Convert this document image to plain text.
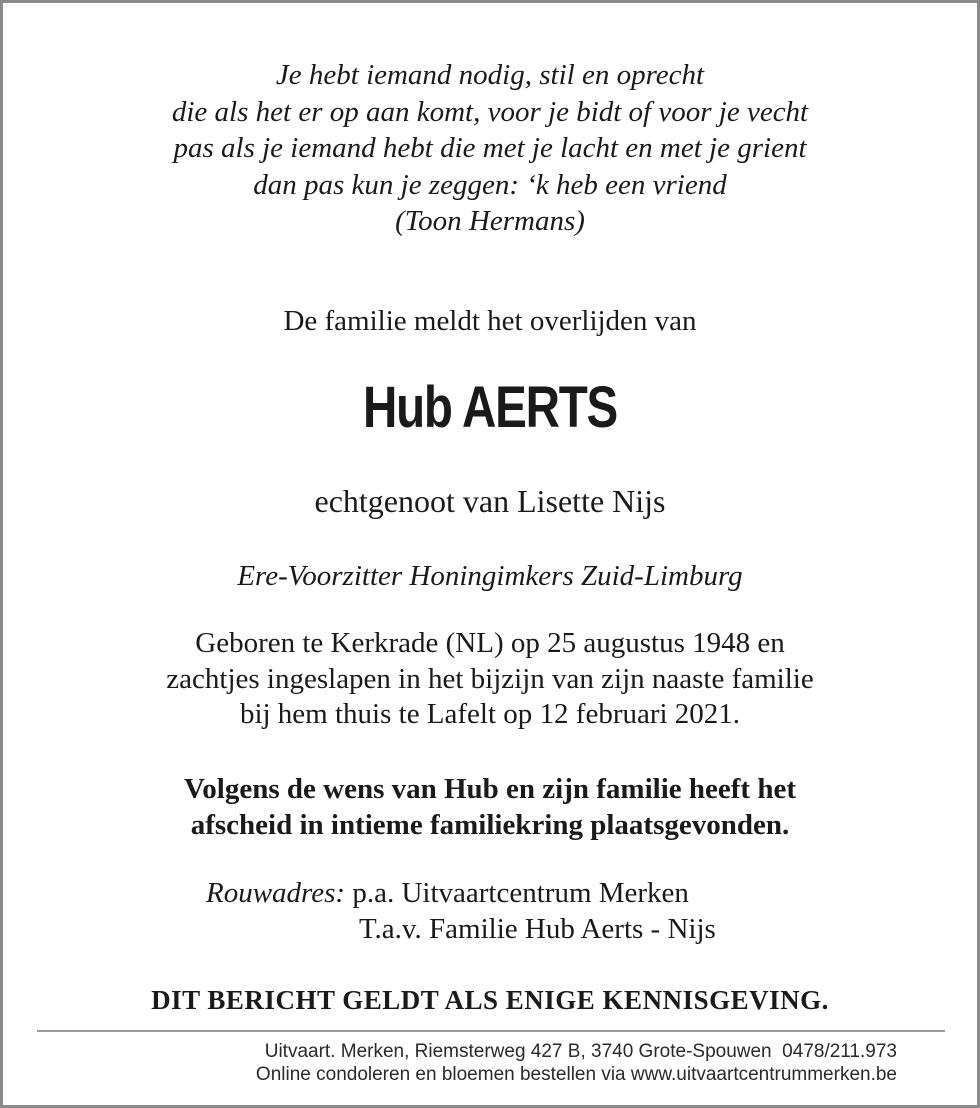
Je hebt iemand nodig, stil en oprecht
die als het er op aan komt, voor je bidt of voor je vecht
pas als je iemand hebt die met je lacht en met je grient
dan pas kun je zeggen: ‘k heb een vriend
(Toon Hermans)
De familie meldt het overlijden van
Hub AERTS
echtgenoot van Lisette Nijs
Ere-Voorzitter Honingimkers Zuid-Limburg
Geboren te Kerkrade (NL) op 25 augustus 1948 en
zachtjes ingeslapen in het bijzijn van zijn naaste familie
bij hem thuis te Lafelt op 12 februari 2021.
Volgens de wens van Hub en zijn familie heeft het
afscheid in intieme familiekring plaatsgevonden.
Rouwadres: p.a. Uitvaartcentrum Merken
T.a.v. Familie Hub Aerts - Nijs
DIT BERICHT GELDT ALS ENIGE KENNISGEVING.
Uitvaart. Merken, Riemsterweg 427 B, 3740 Grote-Spouwen  0478/211.973
Online condoleren en bloemen bestellen via www.uitvaartcentrummerken.be
